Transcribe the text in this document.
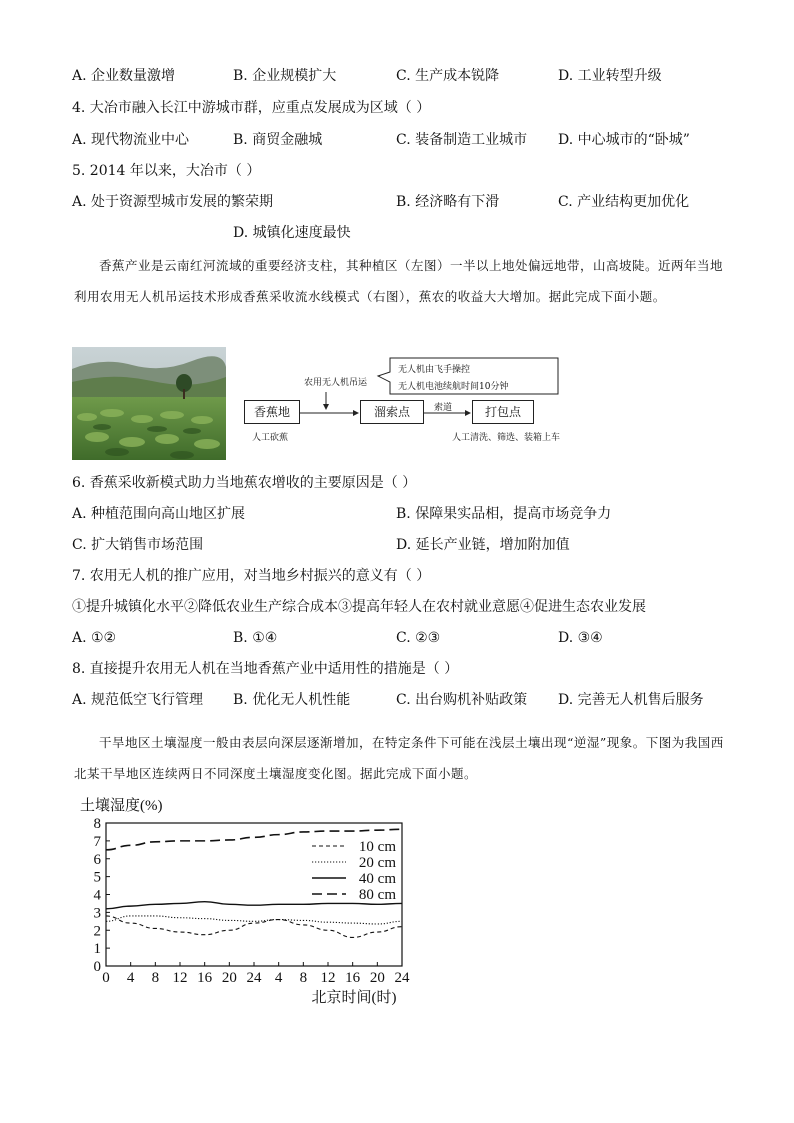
A. 企业数量激增	B. 企业规模扩大	C. 生产成本锐降	D. 工业转型升级
4. 大冶市融入长江中游城市群，应重点发展成为区域（ ）
A. 现代物流业中心	B. 商贸金融城	C. 装备制造工业城市 D. 中心城市的“卧城”
5. 2014 年以来，大冶市（ ）
A. 处于资源型城市发展的繁荣期	B. 经济略有下滑	C. 产业结构更加优化
D. 城镇化速度最快
香蕉产业是云南红河流域的重要经济支柱，其种植区（左图）一半以上地处偏远地带，山高坡陡。近两年当地利用农用无人机吊运技术形成香蕉采收流水线模式（右图），蕉农的收益大大增加。据此完成下面小题。
农用无人机吊运
无人机由飞手操控
无人机电池续航时间10分钟
香蕉地	溜索点	打包点
索道
人工砍蕉	人工清洗、筛选、装箱上车
6. 香蕉采收新模式助力当地蕉农增收的主要原因是（ ）
A. 种植范围向高山地区扩展	B. 保障果实品相，提高市场竞争力
C. 扩大销售市场范围	D. 延长产业链，增加附加值
7. 农用无人机的推广应用，对当地乡村振兴的意义有（ ）
①提升城镇化水平②降低农业生产综合成本③提高年轻人在农村就业意愿④促进生态农业发展
A. ①②	B. ①④	C. ②③	D. ③④
8. 直接提升农用无人机在当地香蕉产业中适用性的措施是（ ）
A. 规范低空飞行管理 B. 优化无人机性能	C. 出台购机补贴政策 D. 完善无人机售后服务
干旱地区土壤湿度一般由表层向深层逐渐增加，在特定条件下可能在浅层土壤出现“逆湿”现象。下图为我国西北某干旱地区连续两日不同深度土壤湿度变化图。据此完成下面小题。
土壤湿度(%)
0
1
2
3
4
5
6
7
8
0 4 8 12 16 20 24 4 8 12 16 20 24
北京时间(时)
10 cm
20 cm
40 cm
80 cm
